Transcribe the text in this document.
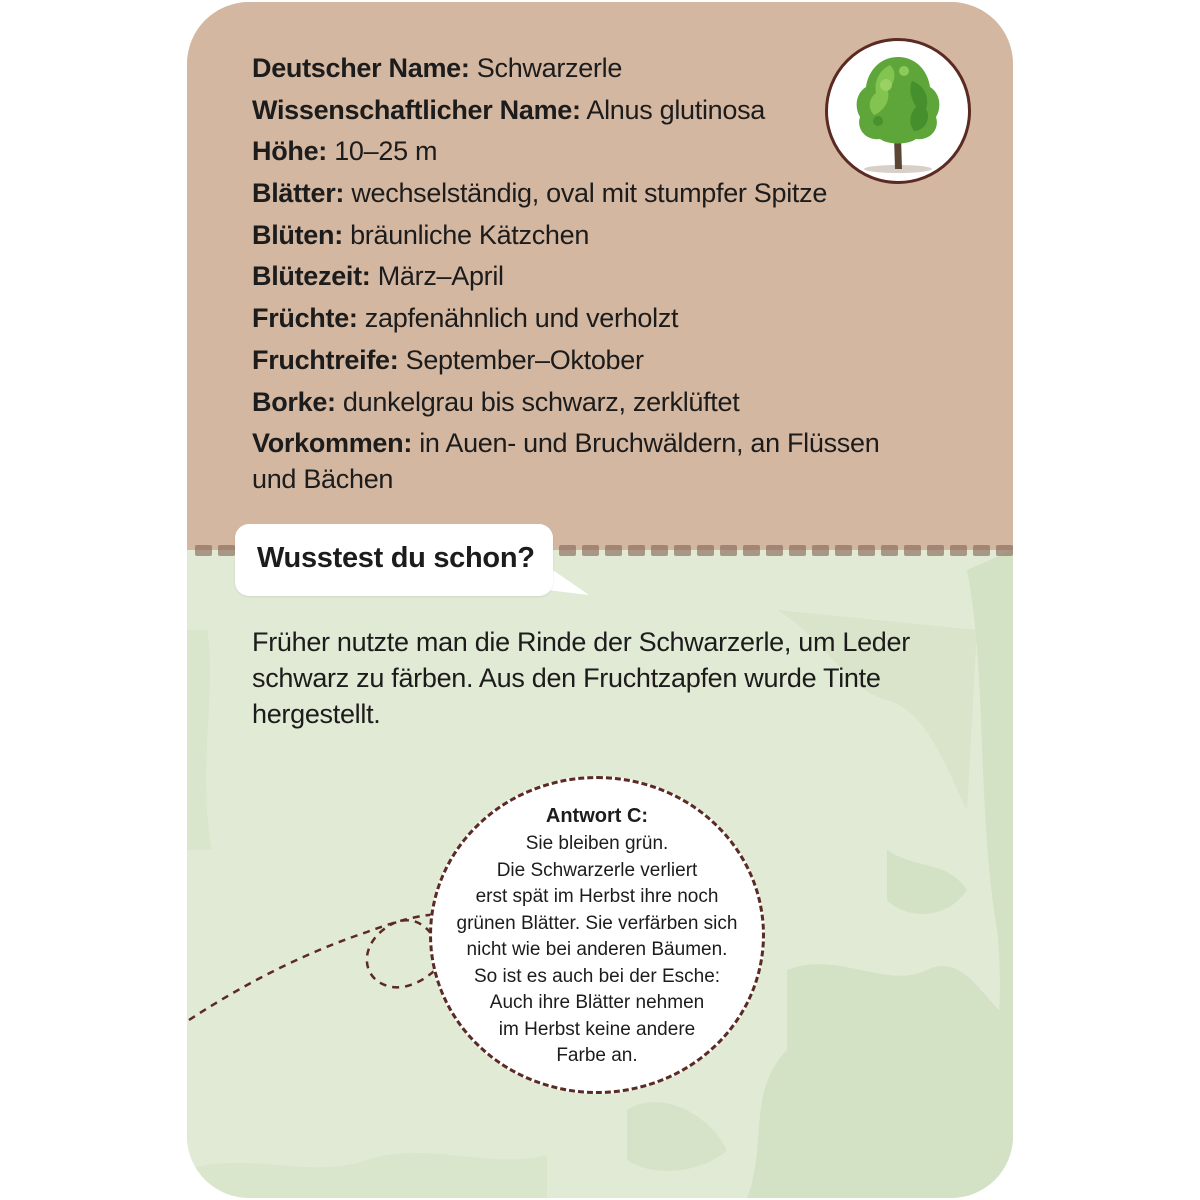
Deutscher Name: Schwarzerle
Wissenschaftlicher Name: Alnus glutinosa
Höhe: 10–25 m
Blätter: wechselständig, oval mit stumpfer Spitze
Blüten: bräunliche Kätzchen
Blütezeit: März–April
Früchte: zapfenähnlich und verholzt
Fruchtreife: September–Oktober
Borke: dunkelgrau bis schwarz, zerklüftet
Vorkommen: in Auen- und Bruchwäldern, an Flüssen und Bächen

Wusstest du schon?

Früher nutzte man die Rinde der Schwarzerle, um Leder schwarz zu färben. Aus den Fruchtzapfen wurde Tinte hergestellt.

Antwort C:

Sie bleiben grün.

Die Schwarzerle verliert

erst spät im Herbst ihre noch

grünen Blätter. Sie verfärben sich

nicht wie bei anderen Bäumen.

So ist es auch bei der Esche:

Auch ihre Blätter nehmen

im Herbst keine andere

Farbe an.
